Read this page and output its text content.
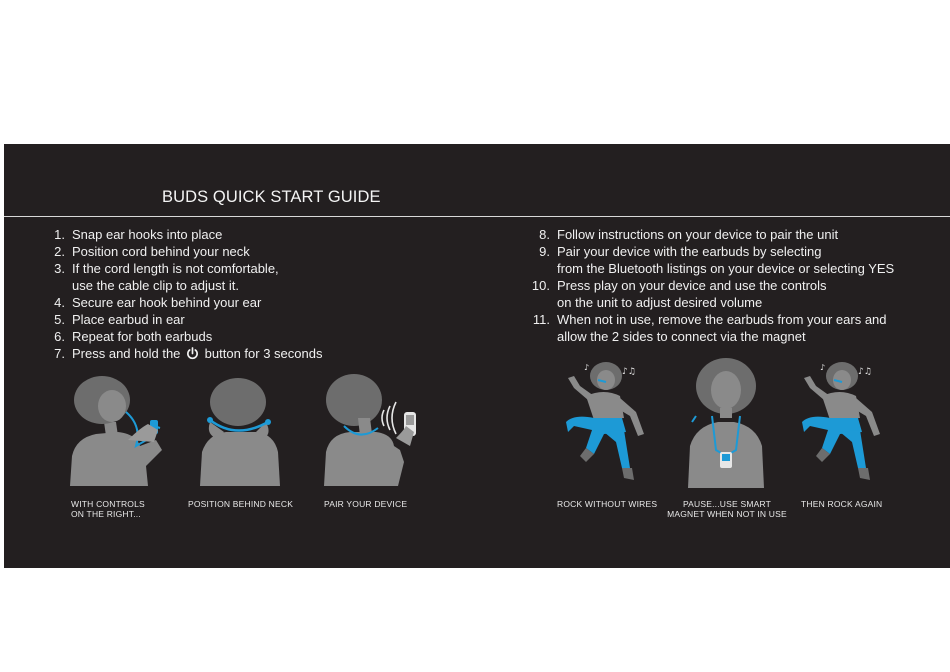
BUDS QUICK START GUIDE
1. Snap ear hooks into place
2. Position cord behind your neck
3. If the cord length is not comfortable,
use the cable clip to adjust it.
4. Secure ear hook behind your ear
5. Place earbud in ear
6. Repeat for both earbuds
7. Press and hold the button for 3 seconds
8. Follow instructions on your device to pair the unit
9. Pair your device with the earbuds by selecting
from the Bluetooth listings on your device or selecting YES
10. Press play on your device and use the controls
on the unit to adjust desired volume
11. When not in use, remove the earbuds from your ears and
allow the 2 sides to connect via the magnet
♪♫
♪	♪♫
♪
WITH CONTROLS
ON THE RIGHT...
POSITION BEHIND NECK	PAIR YOUR DEVICE	ROCK WITHOUT WIRES	PAUSE...USE SMART
MAGNET WHEN NOT IN USE
THEN ROCK AGAIN
